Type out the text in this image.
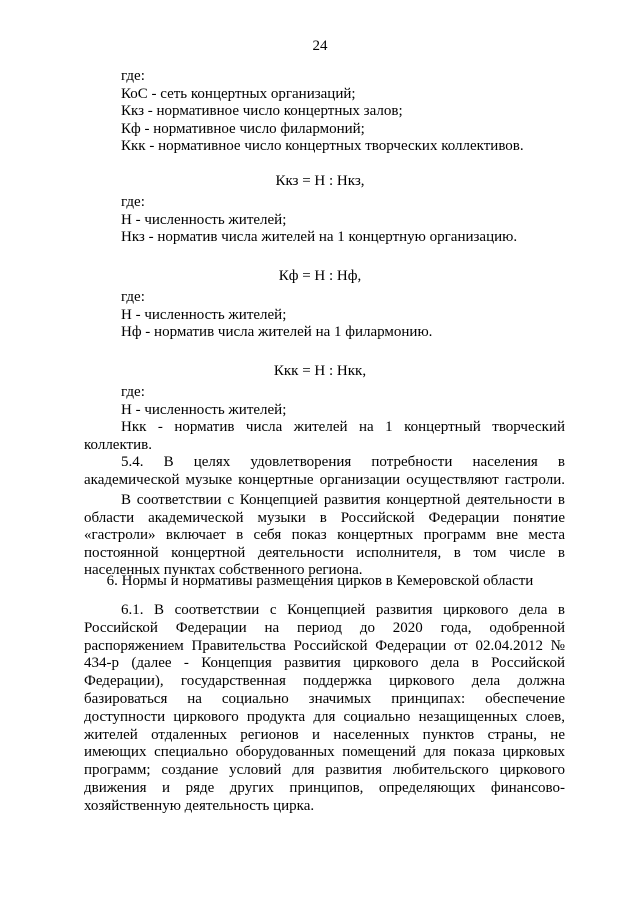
24
где:
КоС - сеть концертных организаций;
Ккз - нормативное число концертных залов;
Кф - нормативное число филармоний;
Ккк - нормативное число концертных творческих коллективов.
Ккз = Н : Нкз,
где:
Н - численность жителей;
Нкз - норматив числа жителей на 1 концертную организацию.
Кф = Н : Нф,
где:
Н - численность жителей;
Нф - норматив числа жителей на 1 филармонию.
Ккк = Н : Нкк,
где:
Н - численность жителей;
Нкк - норматив числа жителей на 1 концертный творческий
коллектив.
5.4. В целях удовлетворения потребности населения в
академической музыке концертные организации осуществляют гастроли.
В соответствии с Концепцией развития концертной деятельности в
области академической музыки в Российской Федерации понятие
«гастроли» включает в себя показ концертных программ вне места
постоянной концертной деятельности исполнителя, в том числе в
населенных пунктах собственного региона.
6. Нормы и нормативы размещения цирков в Кемеровской области
6.1. В соответствии с Концепцией развития циркового дела в
Российской Федерации на период до 2020 года, одобренной
распоряжением Правительства Российской Федерации от 02.04.2012 №
434-р (далее - Концепция развития циркового дела в Российской
Федерации), государственная поддержка циркового дела должна
базироваться на социально значимых принципах: обеспечение
доступности циркового продукта для социально незащищенных слоев,
жителей отдаленных регионов и населенных пунктов страны, не
имеющих специально оборудованных помещений для показа цирковых
программ; создание условий для развития любительского циркового
движения и ряде других принципов, определяющих финансово-
хозяйственную деятельность цирка.
